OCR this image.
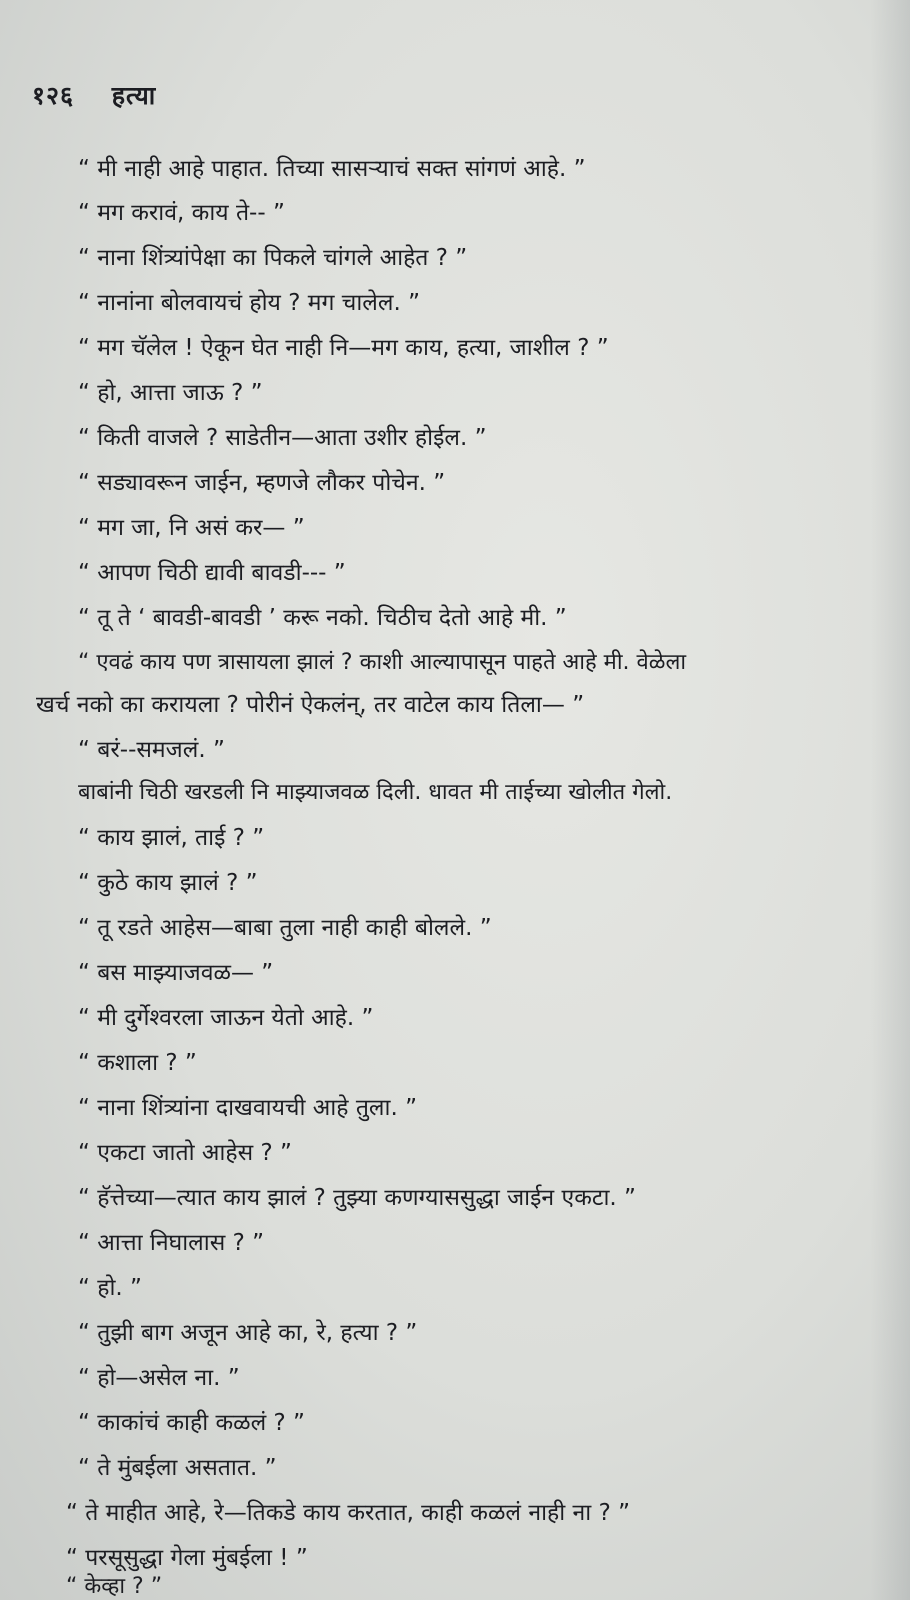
१२६ हत्या
“ मी नाही आहे पाहात. तिच्या सासऱ्याचं सक्त सांगणं आहे. ”
“ मग करावं, काय ते-- ”
“ नाना शिंत्र्यांपेक्षा का पिकले चांगले आहेत ? ”
“ नानांना बोलवायचं होय ? मग चालेल. ”
“ मग चॅलेल ! ऐकून घेत नाही नि—मग काय, हत्या, जाशील ? ”
“ हो, आत्ता जाऊ ? ”
“ किती वाजले ? साडेतीन—आता उशीर होईल. ”
“ सड्यावरून जाईन, म्हणजे लौकर पोचेन. ”
“ मग जा, नि असं कर— ”
“ आपण चिठी द्यावी बावडी--- ”
“ तू ते ‘ बावडी-बावडी ’ करू नको. चिठीच देतो आहे मी. ”
“ एवढं काय पण त्रासायला झालं ? काशी आल्यापासून पाहते आहे मी. वेळेला
खर्च नको का करायला ? पोरीनं ऐकलंन्, तर वाटेल काय तिला— ”
“ बरं--समजलं. ”
बाबांनी चिठी खरडली नि माझ्याजवळ दिली. धावत मी ताईच्या खोलीत गेलो.
“ काय झालं, ताई ? ”
“ कुठे काय झालं ? ”
“ तू रडते आहेस—बाबा तुला नाही काही बोलले. ”
“ बस माझ्याजवळ— ”
“ मी दुर्गेश्वरला जाऊन येतो आहे. ”
“ कशाला ? ”
“ नाना शिंत्र्यांना दाखवायची आहे तुला. ”
“ एकटा जातो आहेस ? ”
“ हॅत्तेच्या—त्यात काय झालं ? तुझ्या कणग्याससुद्धा जाईन एकटा. ”
“ आत्ता निघालास ? ”
“ हो. ”
“ तुझी बाग अजून आहे का, रे, हत्या ? ”
“ हो—असेल ना. ”
“ काकांचं काही कळलं ? ”
“ ते मुंबईला असतात. ”
“ ते माहीत आहे, रे—तिकडे काय करतात, काही कळलं नाही ना ? ”
“ परसूसुद्धा गेला मुंबईला ! ”
“ केव्हा ? ”
